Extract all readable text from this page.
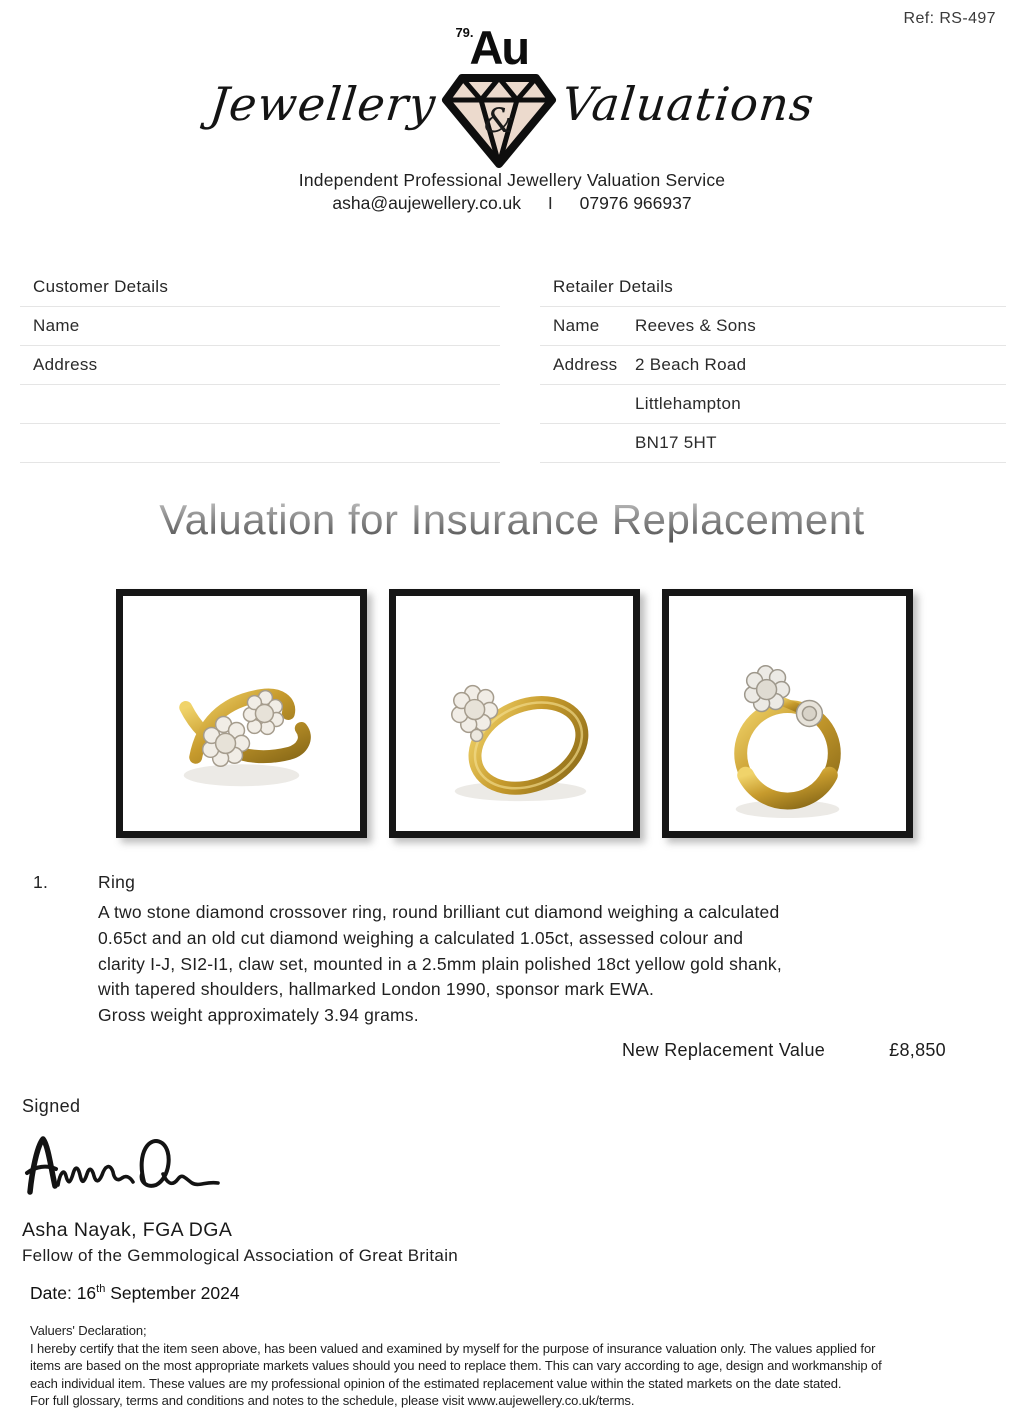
Ref: RS-497
Jewellery
79.
Au
& Valuations
Independent Professional Jewellery Valuation Service
asha@aujewellery.co.uk I 07976 966937
Customer Details
Name
Address
Retailer Details
Name	Reeves & Sons
Address	2 Beach Road
Littlehampton
BN17 5HT
Valuation for Insurance Replacement
1.	Ring
A two stone diamond crossover ring, round brilliant cut diamond weighing a calculated
0.65ct and an old cut diamond weighing a calculated 1.05ct, assessed colour and
clarity I-J, SI2-I1, claw set, mounted in a 2.5mm plain polished 18ct yellow gold shank,
with tapered shoulders, hallmarked London 1990, sponsor mark EWA.
Gross weight approximately 3.94 grams.
New Replacement Value	£8,850
Signed
Asha Nayak, FGA DGA
Fellow of the Gemmological Association of Great Britain
Date: 16th September 2024
Valuers' Declaration;
I hereby certify that the item seen above, has been valued and examined by myself for the purpose of insurance valuation only. The values applied for
items are based on the most appropriate markets values should you need to replace them. This can vary according to age, design and workmanship of
each individual item. These values are my professional opinion of the estimated replacement value within the stated markets on the date stated.
For full glossary, terms and conditions and notes to the schedule, please visit www.aujewellery.co.uk/terms.
